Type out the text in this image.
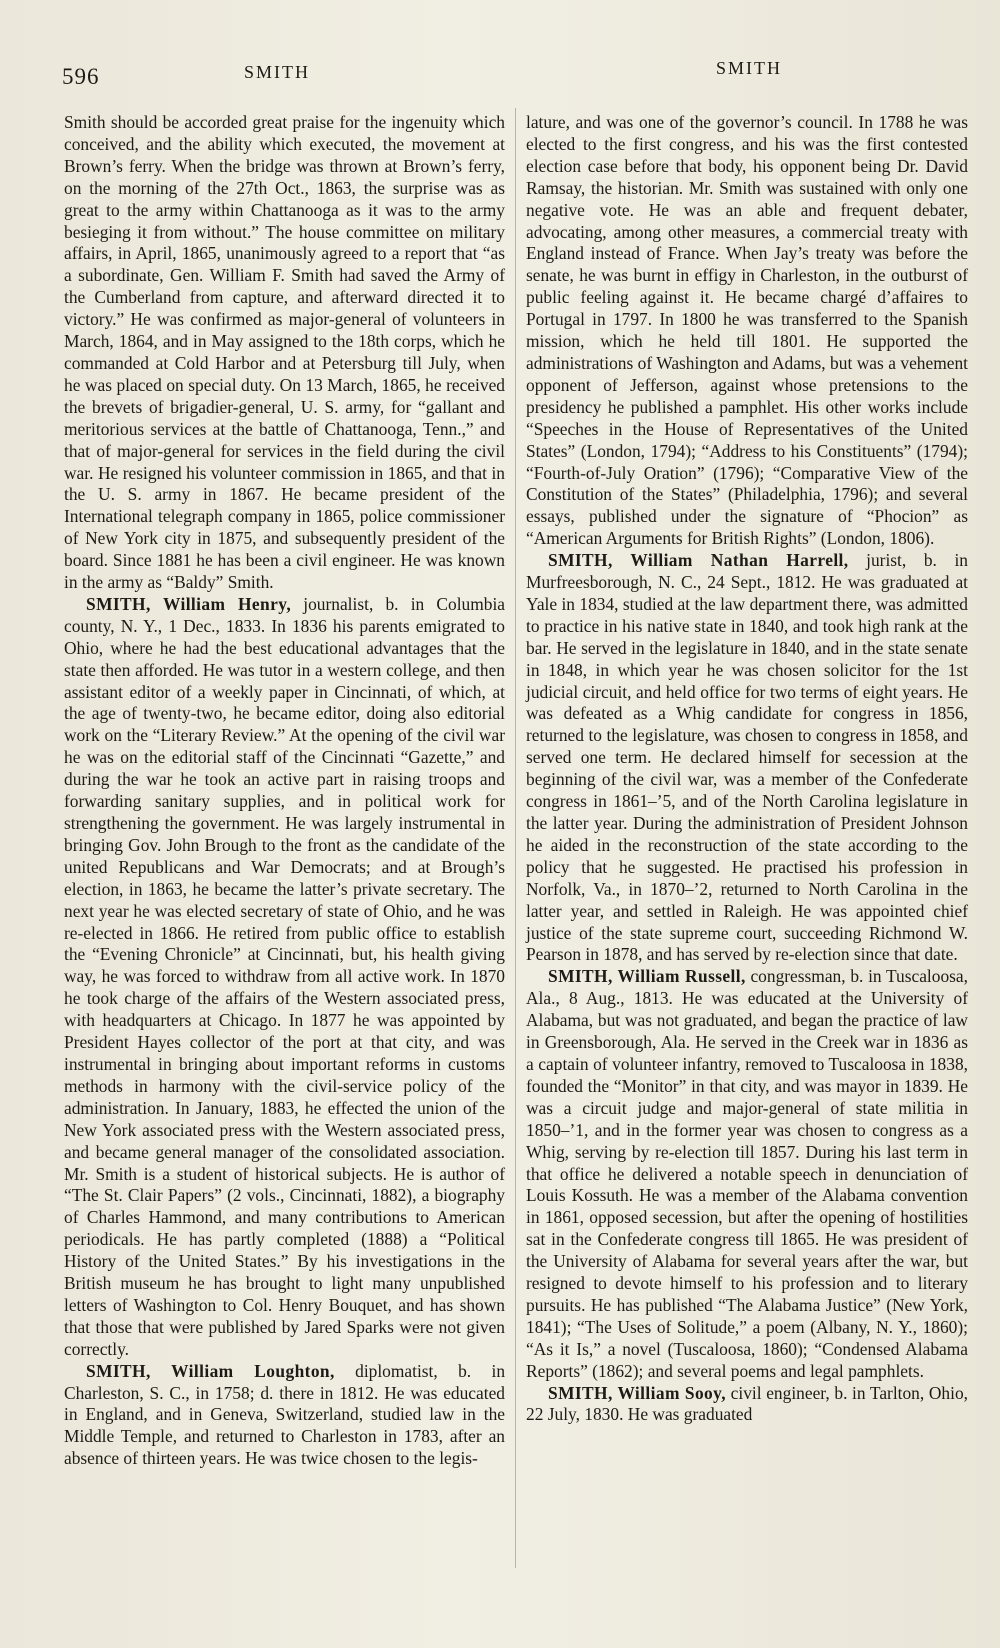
596	SMITH	SMITH

Smith should be accorded great praise for the ingenuity which conceived, and the ability which executed, the movement at Brown’s ferry. When the bridge was thrown at Brown’s ferry, on the morning of the 27th Oct., 1863, the surprise was as great to the army within Chattanooga as it was to the army besieging it from without.” The house committee on military affairs, in April, 1865, unanimously agreed to a report that “as a subordinate, Gen. William F. Smith had saved the Army of the Cumberland from capture, and afterward directed it to victory.” He was confirmed as major-general of volunteers in March, 1864, and in May assigned to the 18th corps, which he commanded at Cold Harbor and at Petersburg till July, when he was placed on special duty. On 13 March, 1865, he received the brevets of brigadier-general, U. S. army, for “gallant and meritorious services at the battle of Chattanooga, Tenn.,” and that of major-general for services in the field during the civil war. He resigned his volunteer commission in 1865, and that in the U. S. army in 1867. He became president of the International telegraph company in 1865, police commissioner of New York city in 1875, and subsequently president of the board. Since 1881 he has been a civil engineer. He was known in the army as “Baldy” Smith.

SMITH, William Henry, journalist, b. in Columbia county, N. Y., 1 Dec., 1833. In 1836 his parents emigrated to Ohio, where he had the best educational advantages that the state then afforded. He was tutor in a western college, and then assistant editor of a weekly paper in Cincinnati, of which, at the age of twenty-two, he became editor, doing also editorial work on the “Literary Review.” At the opening of the civil war he was on the editorial staff of the Cincinnati “Gazette,” and during the war he took an active part in raising troops and forwarding sanitary supplies, and in political work for strengthening the government. He was largely instrumental in bringing Gov. John Brough to the front as the candidate of the united Republicans and War Democrats; and at Brough’s election, in 1863, he became the latter’s private secretary. The next year he was elected secretary of state of Ohio, and he was re-elected in 1866. He retired from public office to establish the “Evening Chronicle” at Cincinnati, but, his health giving way, he was forced to withdraw from all active work. In 1870 he took charge of the affairs of the Western associated press, with headquarters at Chicago. In 1877 he was appointed by President Hayes collector of the port at that city, and was instrumental in bringing about important reforms in customs methods in harmony with the civil-service policy of the administration. In January, 1883, he effected the union of the New York associated press with the Western associated press, and became general manager of the consolidated association. Mr. Smith is a student of historical subjects. He is author of “The St. Clair Papers” (2 vols., Cincinnati, 1882), a biography of Charles Hammond, and many contributions to American periodicals. He has partly completed (1888) a “Political History of the United States.” By his investigations in the British museum he has brought to light many unpublished letters of Washington to Col. Henry Bouquet, and has shown that those that were published by Jared Sparks were not given correctly.

SMITH, William Loughton, diplomatist, b. in Charleston, S. C., in 1758; d. there in 1812. He was educated in England, and in Geneva, Switzerland, studied law in the Middle Temple, and returned to Charleston in 1783, after an absence of thirteen years. He was twice chosen to the legis-

lature, and was one of the governor’s council. In 1788 he was elected to the first congress, and his was the first contested election case before that body, his opponent being Dr. David Ramsay, the historian. Mr. Smith was sustained with only one negative vote. He was an able and frequent debater, advocating, among other measures, a commercial treaty with England instead of France. When Jay’s treaty was before the senate, he was burnt in effigy in Charleston, in the outburst of public feeling against it. He became chargé d’affaires to Portugal in 1797. In 1800 he was transferred to the Spanish mission, which he held till 1801. He supported the administrations of Washington and Adams, but was a vehement opponent of Jefferson, against whose pretensions to the presidency he published a pamphlet. His other works include “Speeches in the House of Representatives of the United States” (London, 1794); “Address to his Constituents” (1794); “Fourth-of-July Oration” (1796); “Comparative View of the Constitution of the States” (Philadelphia, 1796); and several essays, published under the signature of “Phocion” as “American Arguments for British Rights” (London, 1806).

SMITH, William Nathan Harrell, jurist, b. in Murfreesborough, N. C., 24 Sept., 1812. He was graduated at Yale in 1834, studied at the law department there, was admitted to practice in his native state in 1840, and took high rank at the bar. He served in the legislature in 1840, and in the state senate in 1848, in which year he was chosen solicitor for the 1st judicial circuit, and held office for two terms of eight years. He was defeated as a Whig candidate for congress in 1856, returned to the legislature, was chosen to congress in 1858, and served one term. He declared himself for secession at the beginning of the civil war, was a member of the Confederate congress in 1861–’5, and of the North Carolina legislature in the latter year. During the administration of President Johnson he aided in the reconstruction of the state according to the policy that he suggested. He practised his profession in Norfolk, Va., in 1870–’2, returned to North Carolina in the latter year, and settled in Raleigh. He was appointed chief justice of the state supreme court, succeeding Richmond W. Pearson in 1878, and has served by re-election since that date.

SMITH, William Russell, congressman, b. in Tuscaloosa, Ala., 8 Aug., 1813. He was educated at the University of Alabama, but was not graduated, and began the practice of law in Greensborough, Ala. He served in the Creek war in 1836 as a captain of volunteer infantry, removed to Tuscaloosa in 1838, founded the “Monitor” in that city, and was mayor in 1839. He was a circuit judge and major-general of state militia in 1850–’1, and in the former year was chosen to congress as a Whig, serving by re-election till 1857. During his last term in that office he delivered a notable speech in denunciation of Louis Kossuth. He was a member of the Alabama convention in 1861, opposed secession, but after the opening of hostilities sat in the Confederate congress till 1865. He was president of the University of Alabama for several years after the war, but resigned to devote himself to his profession and to literary pursuits. He has published “The Alabama Justice” (New York, 1841); “The Uses of Solitude,” a poem (Albany, N. Y., 1860); “As it Is,” a novel (Tuscaloosa, 1860); “Condensed Alabama Reports” (1862); and several poems and legal pamphlets.

SMITH, William Sooy, civil engineer, b. in Tarlton, Ohio, 22 July, 1830. He was graduated
